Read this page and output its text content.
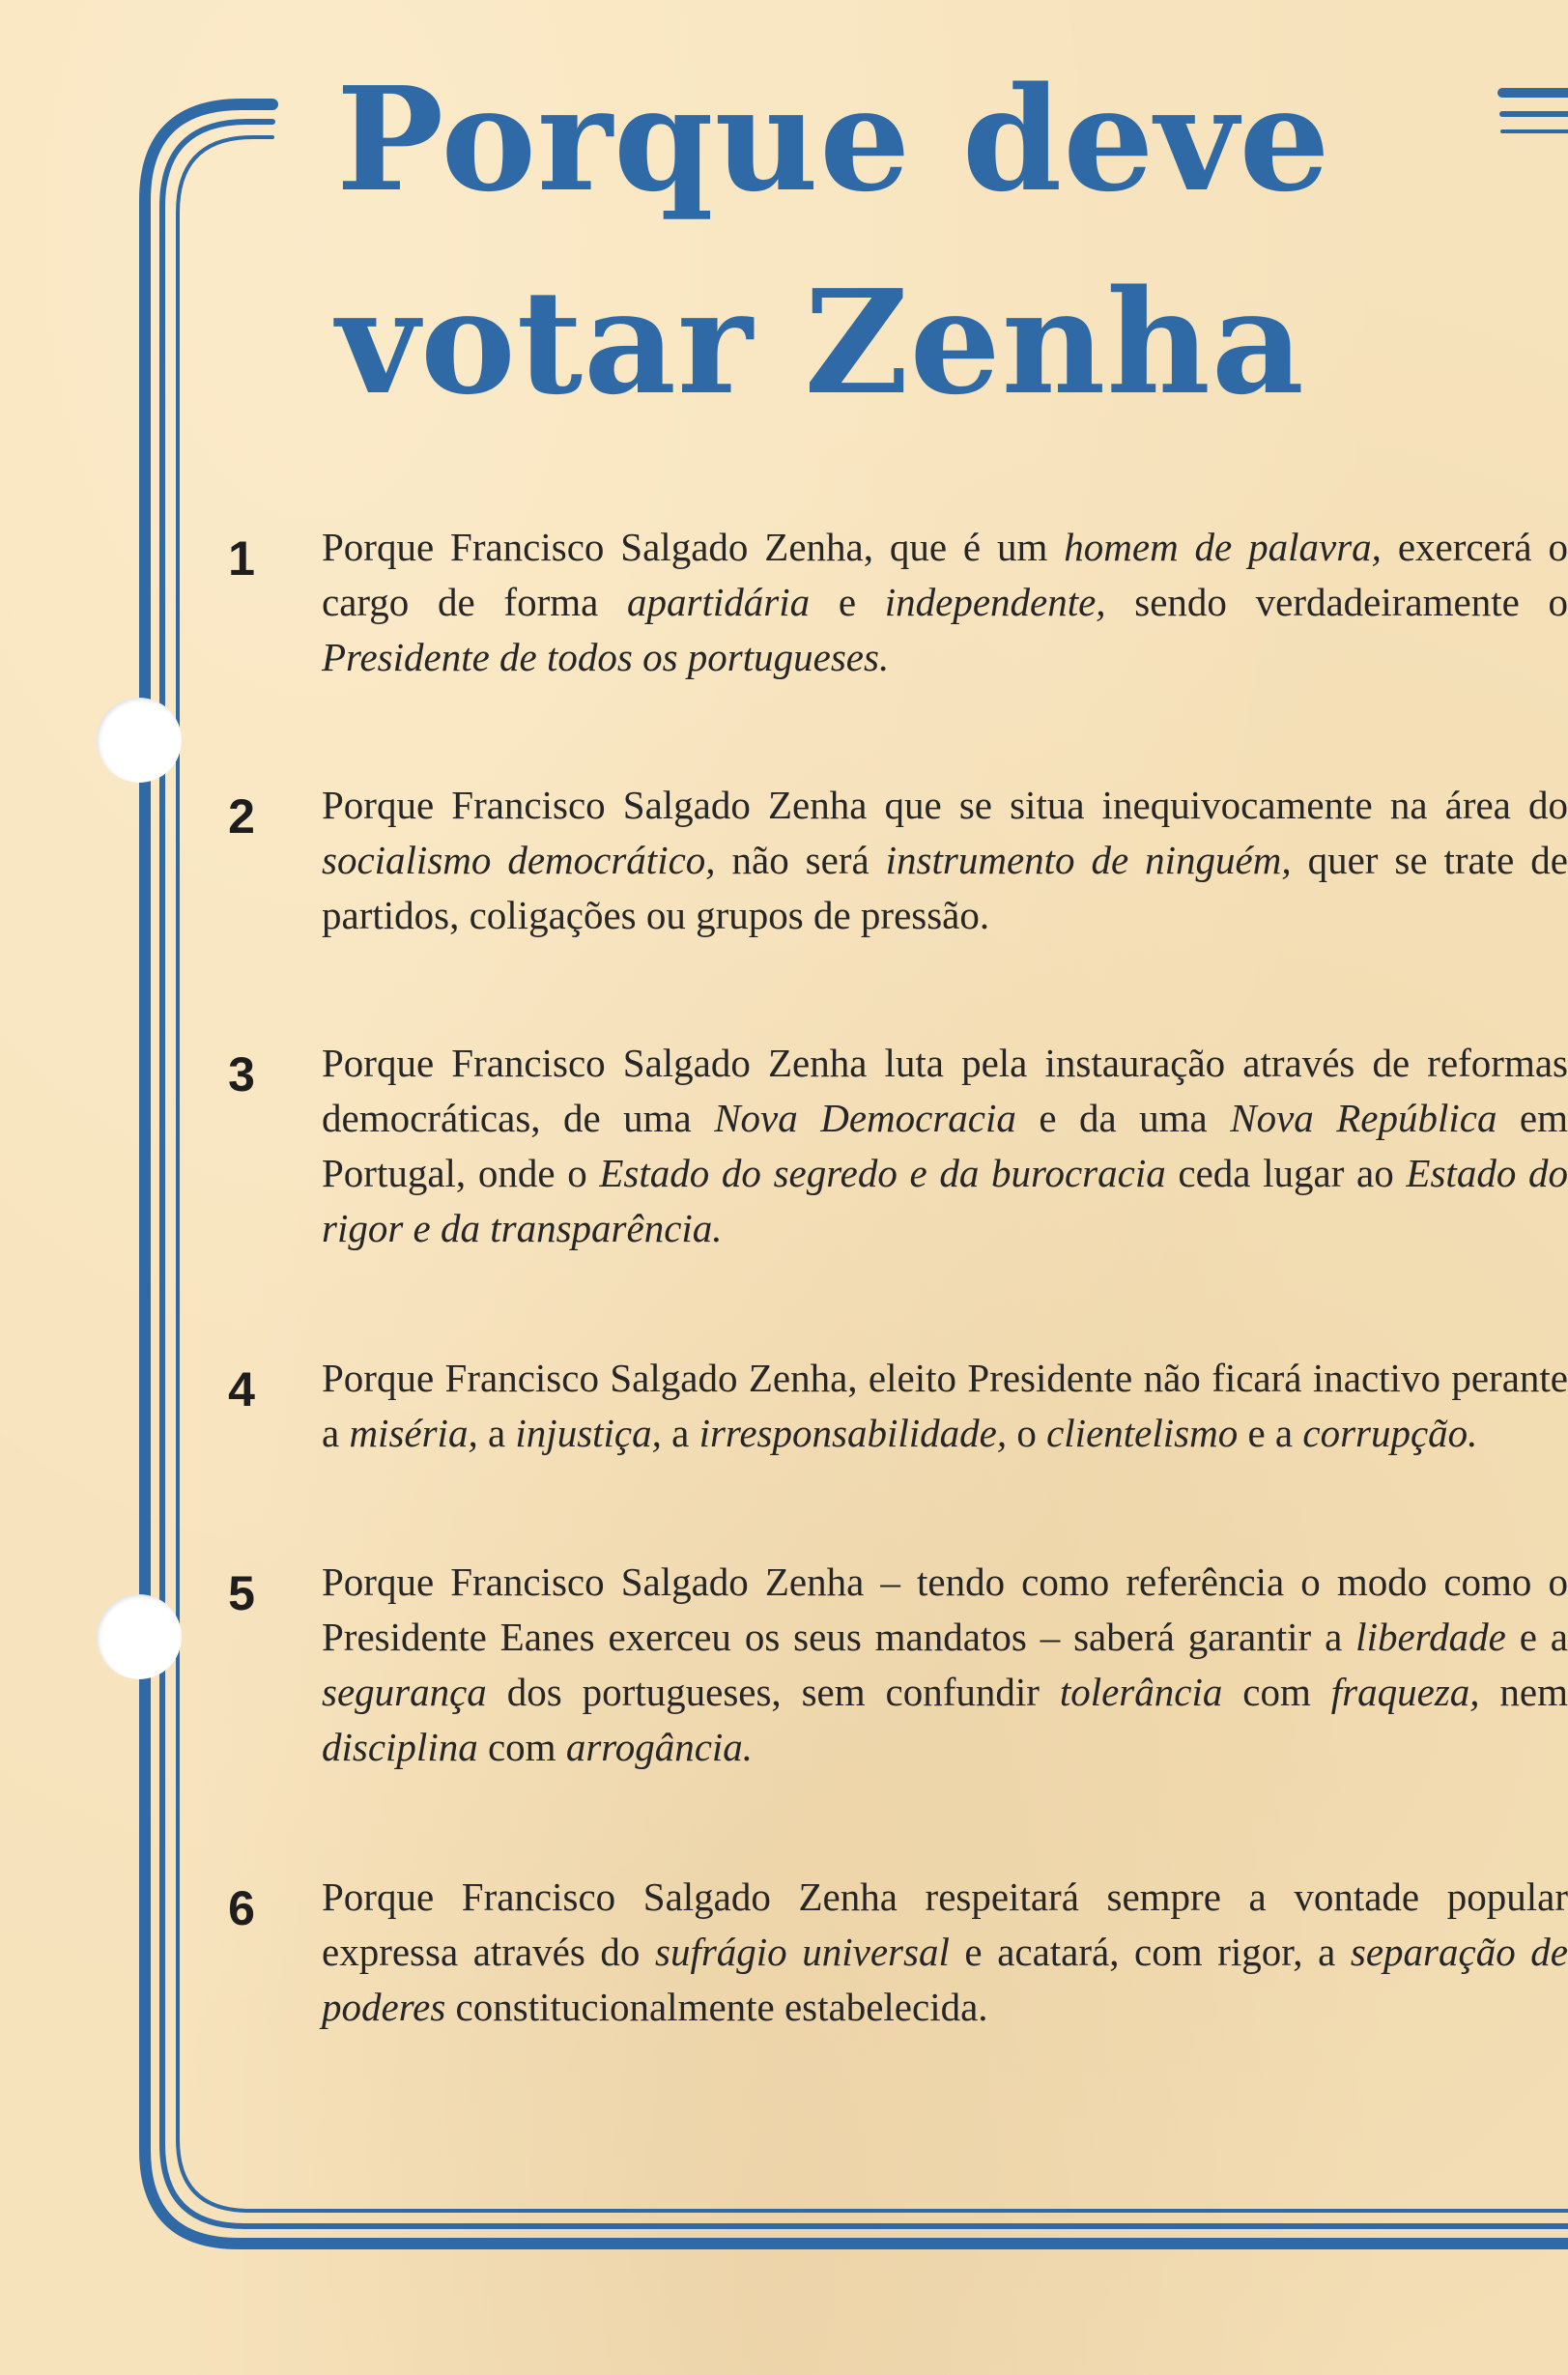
Porque deve
votar Zenha
1	Porque Francisco Salgado Zenha, que é um homem de palavra, exercerá o cargo de forma apartidária e independente, sendo verdadeiramente o Presidente de todos os portugueses.

2	Porque Francisco Salgado Zenha que se situa inequivocamente na área do socialismo democrático, não será instrumento de ninguém, quer se trate de partidos, coligações ou grupos de pressão.

3	Porque Francisco Salgado Zenha luta pela instauração através de reformas democráticas, de uma Nova Democracia e da uma Nova República em Portugal, onde o Estado do segredo e da burocracia ceda lugar ao Estado do rigor e da transparência.

4	Porque Francisco Salgado Zenha, eleito Presidente não ficará inactivo perante a miséria, a injustiça, a irresponsabilidade, o clientelismo e a corrupção.

5	Porque Francisco Salgado Zenha – tendo como referência o modo como o Presidente Eanes exerceu os seus mandatos – saberá garantir a liberdade e a segurança dos portugueses, sem confundir tolerância com fraqueza, nem disciplina com arrogância.

6	Porque Francisco Salgado Zenha respeitará sempre a vontade popular expressa através do sufrágio universal e acatará, com rigor, a separação de poderes constitucionalmente estabelecida.
